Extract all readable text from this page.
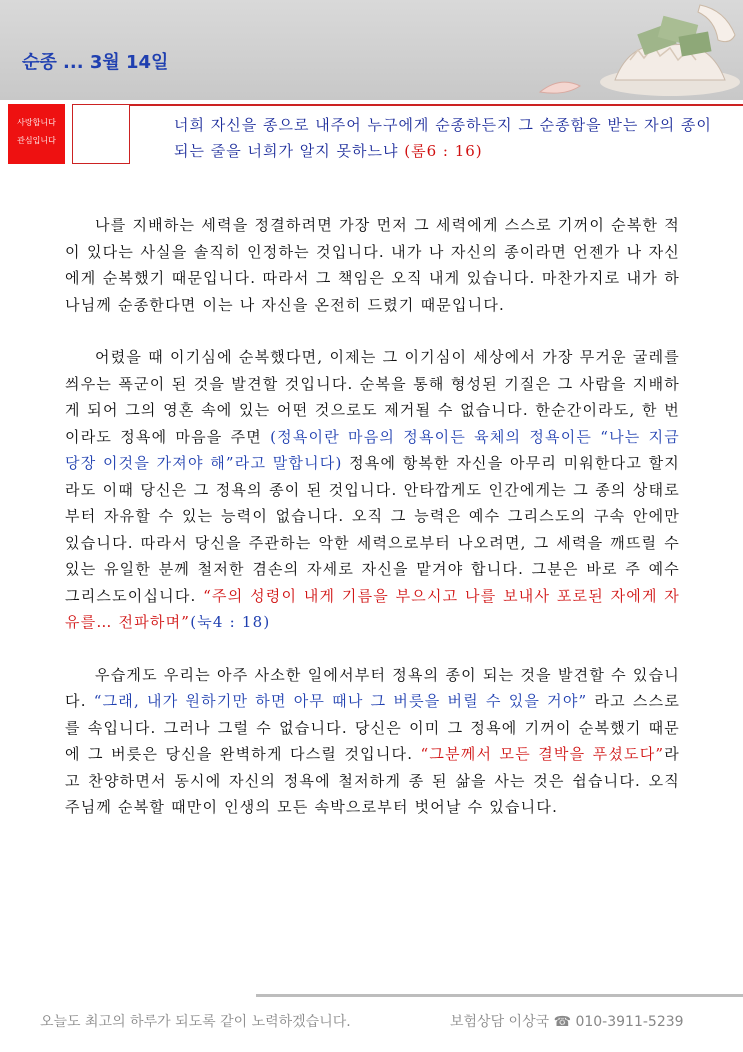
순종 ... 3월 14일
사랑합니다
관심입니다
너희 자신을 종으로 내주어 누구에게 순종하든지 그 순종함을 받는 자의 종이 되는 줄을 너희가 알지 못하느냐 (롬6 : 16)

나를 지배하는 세력을 정결하려면 가장 먼저 그 세력에게 스스로 기꺼이 순복한 적이 있다는 사실을 솔직히 인정하는 것입니다. 내가 나 자신의 종이라면 언젠가 나 자신에게 순복했기 때문입니다. 따라서 그 책임은 오직 내게 있습니다. 마찬가지로 내가 하나님께 순종한다면 이는 나 자신을 온전히 드렸기 때문입니다.

어렸을 때 이기심에 순복했다면, 이제는 그 이기심이 세상에서 가장 무거운 굴레를 씌우는 폭군이 된 것을 발견할 것입니다. 순복을 통해 형성된 기질은 그 사람을 지배하게 되어 그의 영혼 속에 있는 어떤 것으로도 제거될 수 없습니다. 한순간이라도, 한 번이라도 정욕에 마음을 주면 (정욕이란 마음의 정욕이든 육체의 정욕이든 “나는 지금 당장 이것을 가져야 해”라고 말합니다) 정욕에 항복한 자신을 아무리 미워한다고 할지라도 이때 당신은 그 정욕의 종이 된 것입니다. 안타깝게도 인간에게는 그 종의 상태로부터 자유할 수 있는 능력이 없습니다. 오직 그 능력은 예수 그리스도의 구속 안에만 있습니다. 따라서 당신을 주관하는 악한 세력으로부터 나오려면, 그 세력을 깨뜨릴 수 있는 유일한 분께 철저한 겸손의 자세로 자신을 맡겨야 합니다. 그분은 바로 주 예수 그리스도이십니다. “주의 성령이 내게 기름을 부으시고 나를 보내사 포로된 자에게 자유를… 전파하며”(눅4 : 18)

우습게도 우리는 아주 사소한 일에서부터 정욕의 종이 되는 것을 발견할 수 있습니다. “그래, 내가 원하기만 하면 아무 때나 그 버릇을 버릴 수 있을 거야” 라고 스스로를 속입니다. 그러나 그럴 수 없습니다. 당신은 이미 그 정욕에 기꺼이 순복했기 때문에 그 버릇은 당신을 완벽하게 다스릴 것입니다. “그분께서 모든 결박을 푸셨도다”라고 찬양하면서 동시에 자신의 정욕에 철저하게 종 된 삶을 사는 것은 쉽습니다. 오직 주님께 순복할 때만이 인생의 모든 속박으로부터 벗어날 수 있습니다.

오늘도 최고의 하루가 되도록 같이 노력하겠습니다.	보험상담 이상국 ☎ 010-3911-5239
